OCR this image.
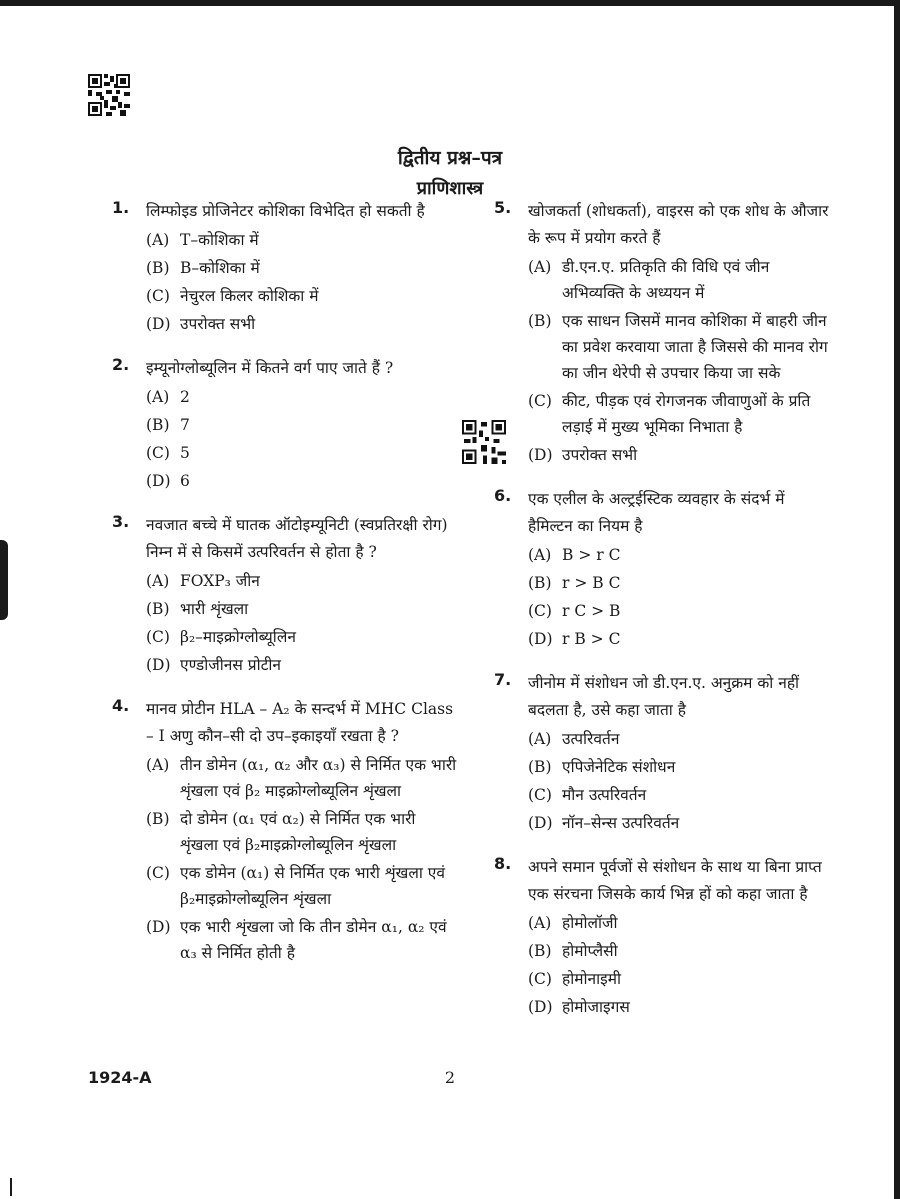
द्वितीय प्रश्न–पत्र
प्राणिशास्त्र
1. लिम्फोइड प्रोजिनेटर कोशिका विभेदित हो सकती है
(A) T–कोशिका में
(B) B–कोशिका में
(C) नेचुरल किलर कोशिका में
(D) उपरोक्त सभी
2. इम्यूनोग्लोब्यूलिन में कितने वर्ग पाए जाते हैं ?
(A) 2
(B) 7
(C) 5
(D) 6
3. नवजात बच्चे में घातक ऑटोइम्यूनिटी (स्वप्रतिरक्षी रोग) निम्न में से किसमें उत्परिवर्तन से होता है ?
(A) FOXP₃ जीन
(B) भारी शृंखला
(C) β₂–माइक्रोग्लोब्यूलिन
(D) एण्डोजीनस प्रोटीन
4. मानव प्रोटीन HLA – A₂ के सन्दर्भ में MHC Class – I अणु कौन–सी दो उप–इकाइयाँ रखता है ?
(A) तीन डोमेन (α₁, α₂ और α₃) से निर्मित एक भारी शृंखला एवं β₂ माइक्रोग्लोब्यूलिन शृंखला
(B) दो डोमेन (α₁ एवं α₂) से निर्मित एक भारी शृंखला एवं β₂माइक्रोग्लोब्यूलिन शृंखला
(C) एक डोमेन (α₁) से निर्मित एक भारी शृंखला एवं β₂माइक्रोग्लोब्यूलिन शृंखला
(D) एक भारी शृंखला जो कि तीन डोमेन α₁, α₂ एवं α₃ से निर्मित होती है
5. खोजकर्ता (शोधकर्ता), वाइरस को एक शोध के औजार के रूप में प्रयोग करते हैं
(A) डी.एन.ए. प्रतिकृति की विधि एवं जीन अभिव्यक्ति के अध्ययन में
(B) एक साधन जिसमें मानव कोशिका में बाहरी जीन का प्रवेश करवाया जाता है जिससे की मानव रोग का जीन थेरेपी से उपचार किया जा सके
(C) कीट, पीड़क एवं रोगजनक जीवाणुओं के प्रति लड़ाई में मुख्य भूमिका निभाता है
(D) उपरोक्त सभी
6. एक एलील के अल्ट्रईस्टिक व्यवहार के संदर्भ में हैमिल्टन का नियम है
(A) B > r C
(B) r > B C
(C) r C > B
(D) r B > C
7. जीनोम में संशोधन जो डी.एन.ए. अनुक्रम को नहीं बदलता है, उसे कहा जाता है
(A) उत्परिवर्तन
(B) एपिजेनेटिक संशोधन
(C) मौन उत्परिवर्तन
(D) नॉन–सेन्स उत्परिवर्तन
8. अपने समान पूर्वजों से संशोधन के साथ या बिना प्राप्त एक संरचना जिसके कार्य भिन्न हों को कहा जाता है
(A) होमोलॉजी
(B) होमोप्लैसी
(C) होमोनाइमी
(D) होमोजाइगस
1924-A	2
